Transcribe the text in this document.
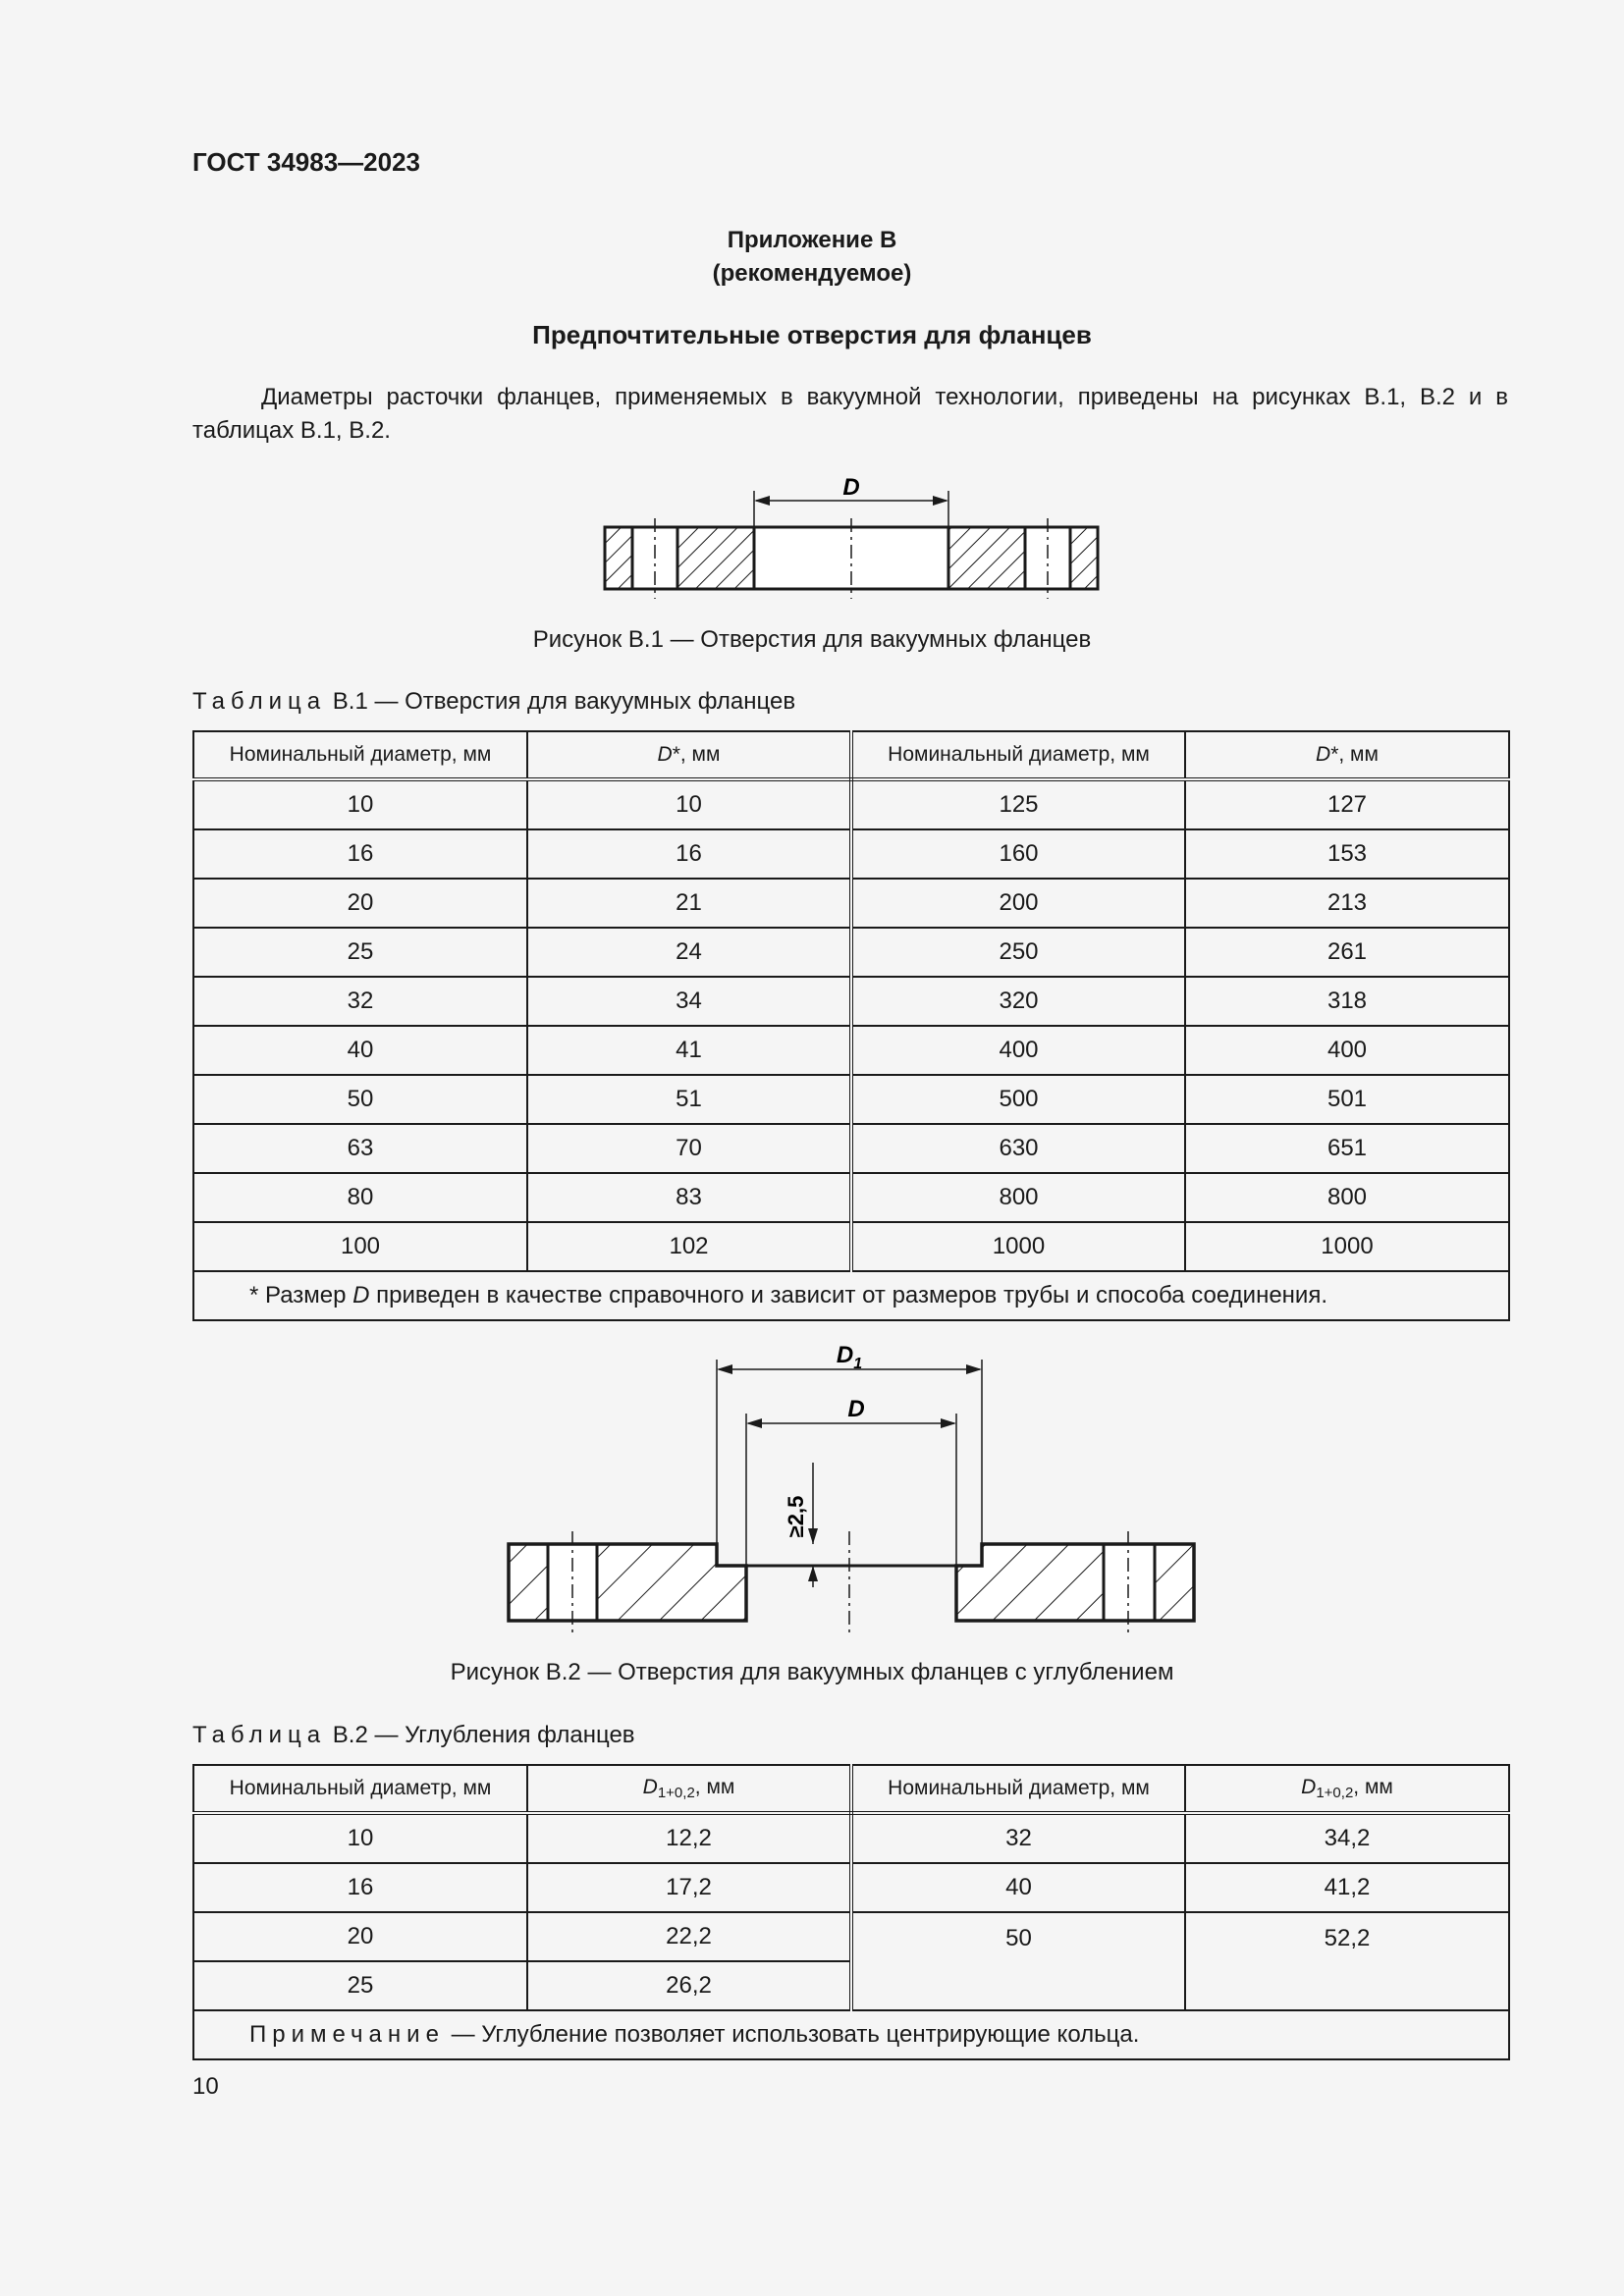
ГОСТ 34983—2023
Приложение В
(рекомендуемое)
Предпочтительные отверстия для фланцев
Диаметры расточки фланцев, применяемых в вакуумной технологии, приведены на рисунках В.1, В.2 и в таблицах В.1, В.2.
D
Рисунок В.1 — Отверстия для вакуумных фланцев
Таблица В.1 — Отверстия для вакуумных фланцев
Номинальный диаметр, мм	D*, мм	Номинальный диаметр, мм	D*, мм
10	10	125	127
16	16	160	153
20	21	200	213
25	24	250	261
32	34	320	318
40	41	400	400
50	51	500	501
63	70	630	651
80	83	800	800
100	102	1000	1000
* Размер D приведен в качестве справочного и зависит от размеров трубы и способа соединения.			
$D_1$
D
≥2,5
Рисунок В.2 — Отверстия для вакуумных фланцев с углублением
Таблица В.2 — Углубления фланцев
Номинальный диаметр, мм	$D_{1+0,2}$, мм	Номинальный диаметр, мм	$D_{1+0,2}$, мм
10	12,2	32	34,2
16	17,2	40	41,2
20	22,2	50	52,2
25	26,2		
Примечание — Углубление позволяет использовать центрирующие кольца.			
10
